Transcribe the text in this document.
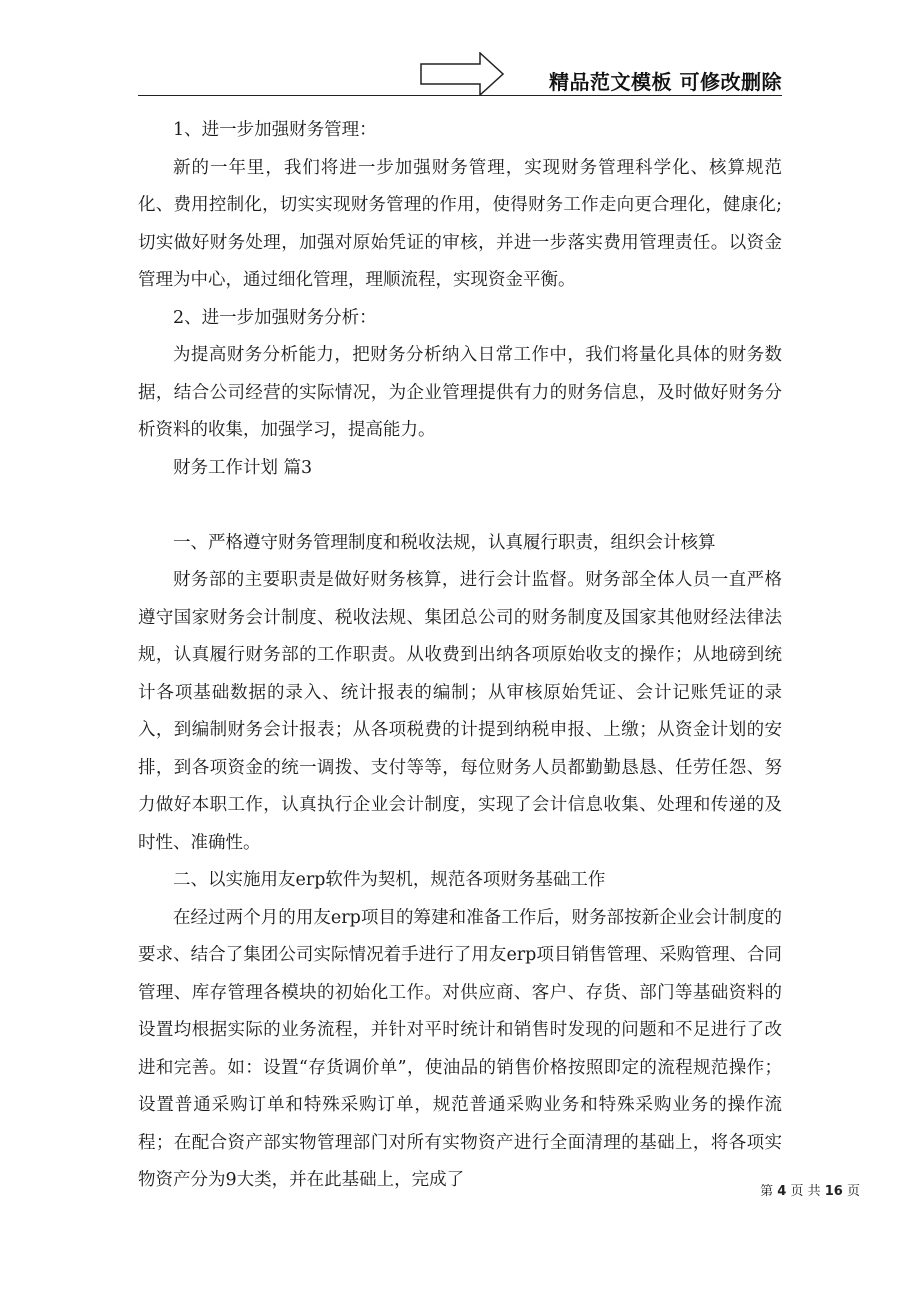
精品范文模板 可修改删除

1、进一步加强财务管理：

新的一年里，我们将进一步加强财务管理，实现财务管理科学化、核算规范化、费用控制化，切实实现财务管理的作用，使得财务工作走向更合理化，健康化;切实做好财务处理，加强对原始凭证的审核，并进一步落实费用管理责任。以资金管理为中心，通过细化管理，理顺流程，实现资金平衡。

2、进一步加强财务分析：

为提高财务分析能力，把财务分析纳入日常工作中，我们将量化具体的财务数据，结合公司经营的实际情况，为企业管理提供有力的财务信息，及时做好财务分析资料的收集，加强学习，提高能力。

财务工作计划 篇3

一、严格遵守财务管理制度和税收法规，认真履行职责，组织会计核算

财务部的主要职责是做好财务核算，进行会计监督。财务部全体人员一直严格遵守国家财务会计制度、税收法规、集团总公司的财务制度及国家其他财经法律法规，认真履行财务部的工作职责。从收费到出纳各项原始收支的操作；从地磅到统计各项基础数据的录入、统计报表的编制；从审核原始凭证、会计记账凭证的录入，到编制财务会计报表；从各项税费的计提到纳税申报、上缴；从资金计划的安排，到各项资金的统一调拨、支付等等，每位财务人员都勤勤恳恳、任劳任怨、努力做好本职工作，认真执行企业会计制度，实现了会计信息收集、处理和传递的及时性、准确性。

二、以实施用友erp软件为契机，规范各项财务基础工作

在经过两个月的用友erp项目的筹建和准备工作后，财务部按新企业会计制度的要求、结合了集团公司实际情况着手进行了用友erp项目销售管理、采购管理、合同管理、库存管理各模块的初始化工作。对供应商、客户、存货、部门等基础资料的设置均根据实际的业务流程，并针对平时统计和销售时发现的问题和不足进行了改进和完善。如：设置“存货调价单”，使油品的销售价格按照即定的流程规范操作；设置普通采购订单和特殊采购订单，规范普通采购业务和特殊采购业务的操作流程；在配合资产部实物管理部门对所有实物资产进行全面清理的基础上，将各项实物资产分为9大类，并在此基础上，完成了

第 4 页 共 16 页
